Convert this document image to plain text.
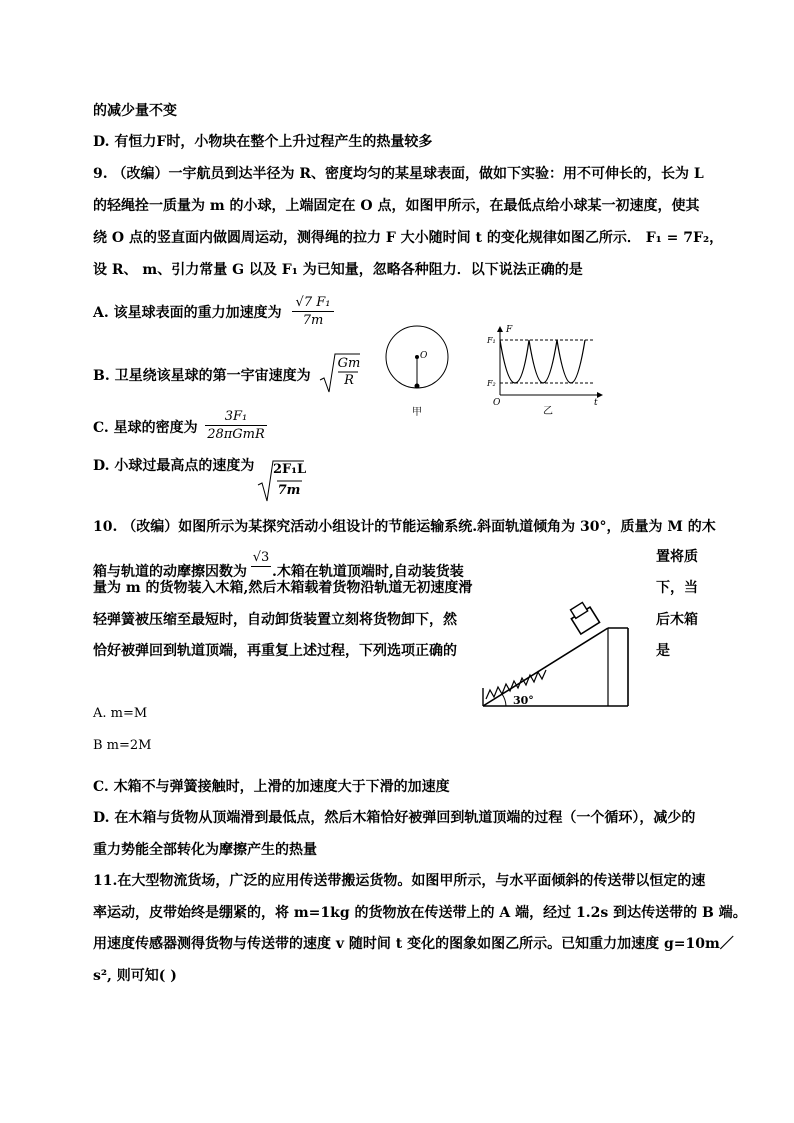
的减少量不变
D. 有恒力F时，小物块在整个上升过程产生的热量较多
9. （改编）一宇航员到达半径为 R、密度均匀的某星球表面，做如下实验：用不可伸长的，长为 L
的轻绳拴一质量为 m 的小球，上端固定在 O 点，如图甲所示，在最低点给小球某一初速度，使其
绕 O 点的竖直面内做圆周运动，测得绳的拉力 F 大小随时间 t 的变化规律如图乙所示． F₁ = 7F₂，
设 R、 m、引力常量 G 以及 F₁ 为已知量，忽略各种阻力．以下说法正确的是
A. 该星球表面的重力加速度为
√7 F₁
7m
B. 卫星绕该星球的第一宇宙速度为
Gm
R
C. 星球的密度为
3F₁
28πGmR
D. 小球过最高点的速度为 2F₁L
7m
O
甲
F
F₁
F₂
O	t
乙
10. （改编）如图所示为某探究活动小组设计的节能运输系统.斜面轨道倾角为 30°，质量为 M 的木
箱与轨道的动摩擦因数为
√3
.木箱在轨道顶端时,自动装货装
置将质
量为 m 的货物装入木箱,然后木箱载着货物沿轨道无初速度滑	下，当
轻弹簧被压缩至最短时，自动卸货装置立刻将货物卸下，然	后木箱
恰好被弹回到轨道顶端，再重复上述过程，下列选项正确的	是
30°
A. m=M
B m=2M
C. 木箱不与弹簧接触时，上滑的加速度大于下滑的加速度
D. 在木箱与货物从顶端滑到最低点，然后木箱恰好被弹回到轨道顶端的过程（一个循环），减少的
重力势能全部转化为摩擦产生的热量
11.在大型物流货场，广泛的应用传送带搬运货物。如图甲所示，与水平面倾斜的传送带以恒定的速
率运动，皮带始终是绷紧的，将 m=1kg 的货物放在传送带上的 A 端，经过 1.2s 到达传送带的 B 端。
用速度传感器测得货物与传送带的速度 v 随时间 t 变化的图象如图乙所示。已知重力加速度 g=10m／
s², 则可知( )
